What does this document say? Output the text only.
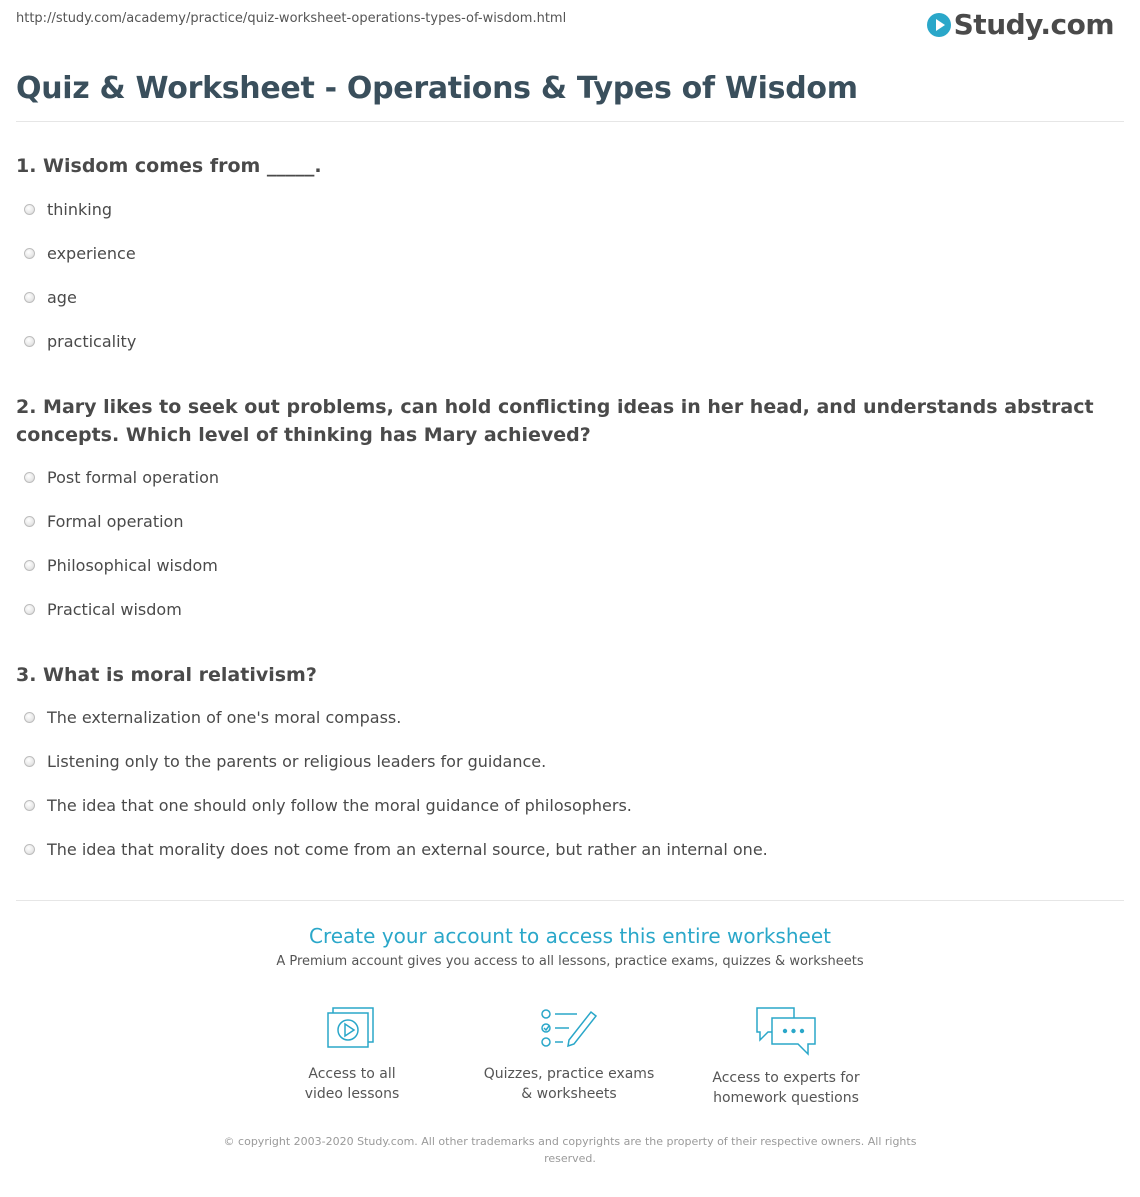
http://study.com/academy/practice/quiz-worksheet-operations-types-of-wisdom.html	Study.com
Quiz & Worksheet - Operations & Types of Wisdom
1. Wisdom comes from _____.
thinking
experience
age
practicality
2. Mary likes to seek out problems, can hold conflicting ideas in her head, and understands abstract concepts. Which level of thinking has Mary achieved?
Post formal operation
Formal operation
Philosophical wisdom
Practical wisdom
3. What is moral relativism?
The externalization of one's moral compass.
Listening only to the parents or religious leaders for guidance.
The idea that one should only follow the moral guidance of philosophers.
The idea that morality does not come from an external source, but rather an internal one.
Create your account to access this entire worksheet
A Premium account gives you access to all lessons, practice exams, quizzes & worksheets
Access to all
video lessons
Quizzes, practice exams
& worksheets
Access to experts for
homework questions
© copyright 2003-2020 Study.com. All other trademarks and copyrights are the property of their respective owners. All rights reserved.
